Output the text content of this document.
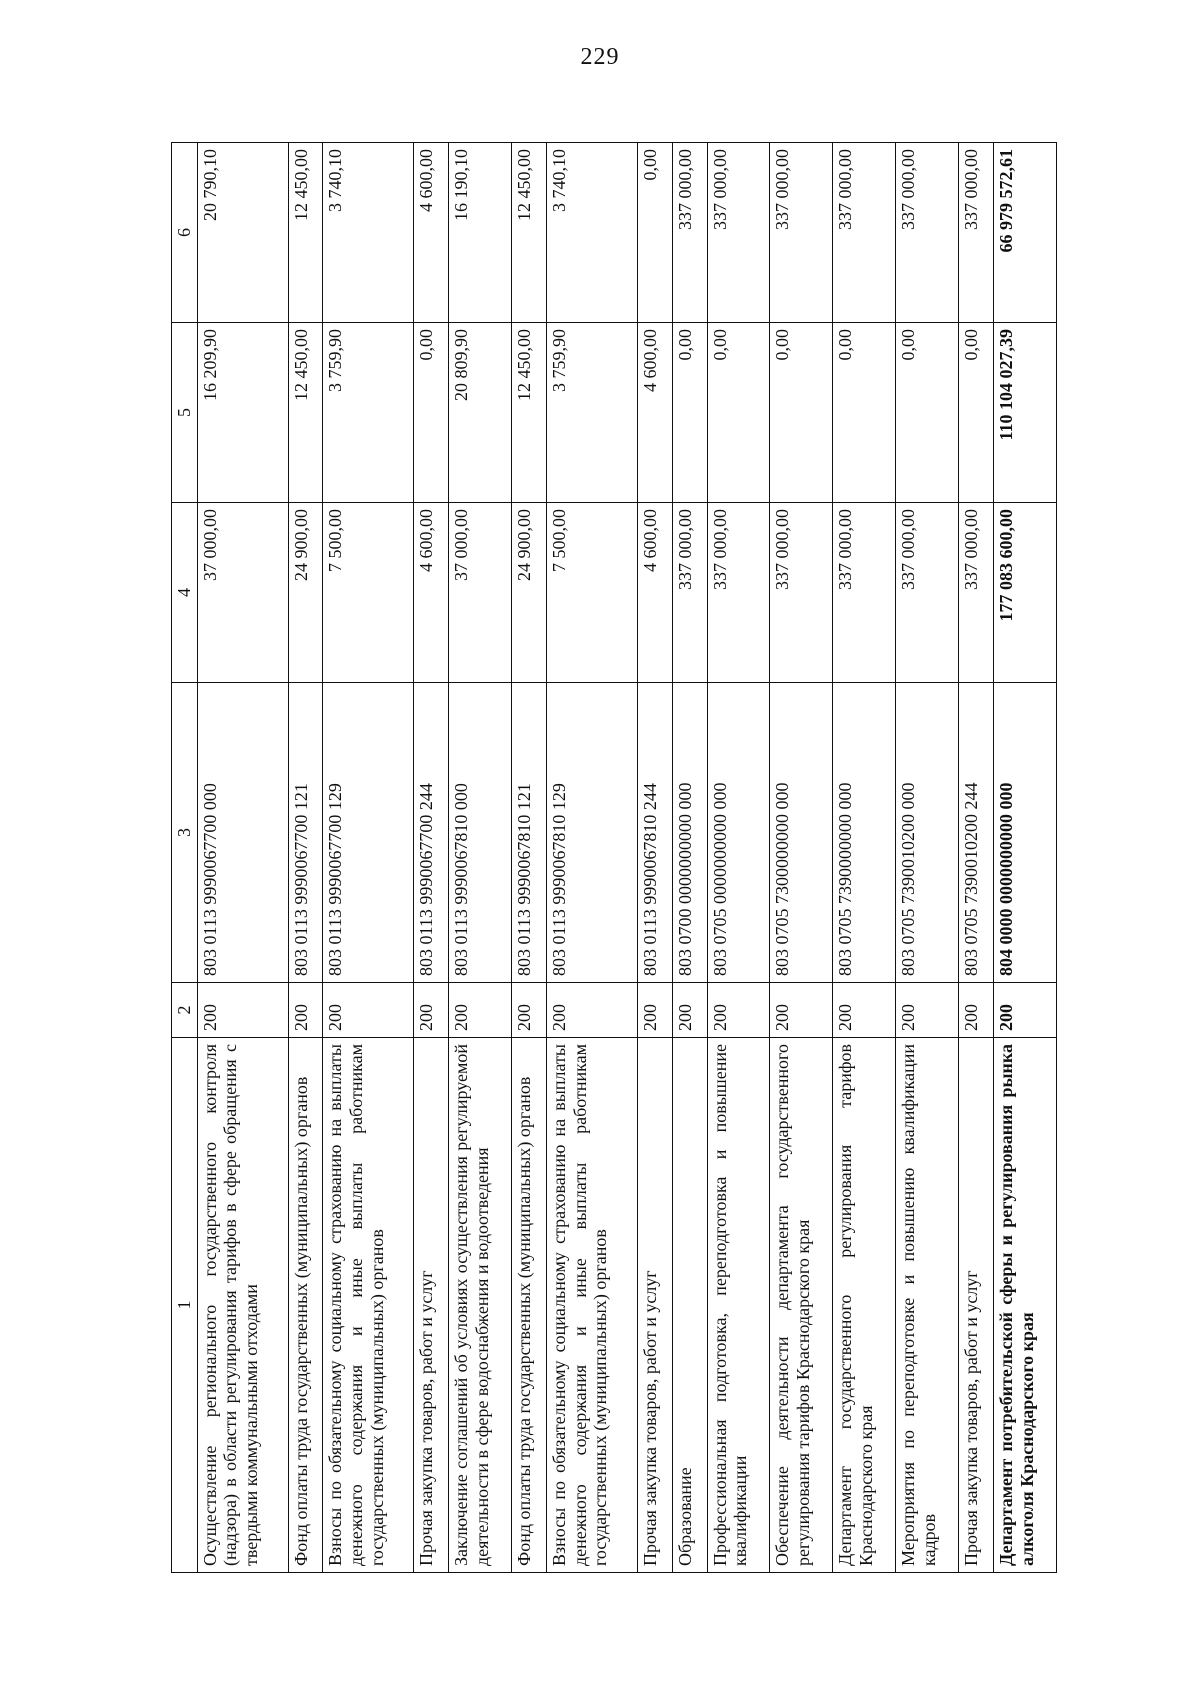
229
1	2	3	4	5	6
Осуществление регионального государственного контроля (надзора) в области регулирования тарифов в сфере обращения с твердыми коммунальными отходами	200	803 0113 9990067700 000	37 000,00	16 209,90	20 790,10
Фонд оплаты труда государственных (муниципальных) органов	200	803 0113 9990067700 121	24 900,00	12 450,00	12 450,00
Взносы по обязательному социальному страхованию на выплаты денежного содержания и иные выплаты работникам государственных (муниципальных) органов	200	803 0113 9990067700 129	7 500,00	3 759,90	3 740,10
Прочая закупка товаров, работ и услуг	200	803 0113 9990067700 244	4 600,00	0,00	4 600,00
Заключение соглашений об условиях осуществления регулируемой деятельности в сфере водоснабжения и водоотведения	200	803 0113 9990067810 000	37 000,00	20 809,90	16 190,10
Фонд оплаты труда государственных (муниципальных) органов	200	803 0113 9990067810 121	24 900,00	12 450,00	12 450,00
Взносы по обязательному социальному страхованию на выплаты денежного содержания и иные выплаты работникам государственных (муниципальных) органов	200	803 0113 9990067810 129	7 500,00	3 759,90	3 740,10
Прочая закупка товаров, работ и услуг	200	803 0113 9990067810 244	4 600,00	4 600,00	0,00
Образование	200	803 0700 0000000000 000	337 000,00	0,00	337 000,00
Профессиональная подготовка, переподготовка и повышение квалификации	200	803 0705 0000000000 000	337 000,00	0,00	337 000,00
Обеспечение деятельности департамента государственного регулирования тарифов Краснодарского края	200	803 0705 7300000000 000	337 000,00	0,00	337 000,00
Департамент государственного регулирования тарифов Краснодарского края	200	803 0705 7390000000 000	337 000,00	0,00	337 000,00
Мероприятия по переподготовке и повышению квалификации кадров	200	803 0705 7390010200 000	337 000,00	0,00	337 000,00
Прочая закупка товаров, работ и услуг	200	803 0705 7390010200 244	337 000,00	0,00	337 000,00
Департамент потребительской сферы и регулирования рынка алкоголя Краснодарского края	200	804 0000 0000000000 000	177 083 600,00	110 104 027,39	66 979 572,61
